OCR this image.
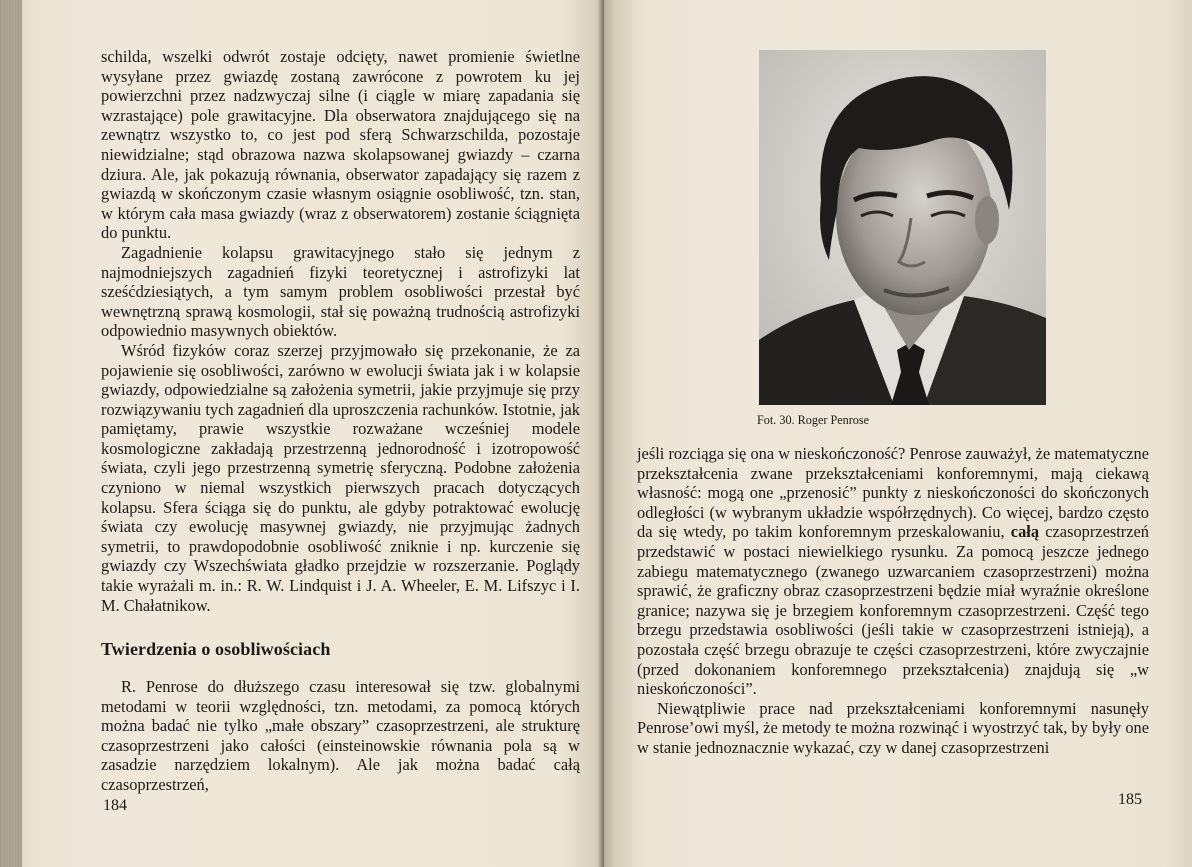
schilda, wszelki odwrót zostaje odcięty, nawet promienie świetlne wysyłane przez gwiazdę zostaną zawrócone z powrotem ku jej powierzchni przez nadzwyczaj silne (i ciągle w miarę zapadania się wzrastające) pole grawitacyjne. Dla obserwatora znajdującego się na zewnątrz wszystko to, co jest pod sferą Schwarzschilda, pozostaje niewidzialne; stąd obrazowa nazwa skolapsowanej gwiazdy – czarna dziura. Ale, jak pokazują równania, obserwator zapadający się razem z gwiazdą w skończonym czasie własnym osiągnie osobliwość, tzn. stan, w którym cała masa gwiazdy (wraz z obserwatorem) zostanie ściągnięta do punktu.

Zagadnienie kolapsu grawitacyjnego stało się jednym z najmodniejszych zagadnień fizyki teoretycznej i astrofizyki lat sześćdziesiątych, a tym samym problem osobliwości przestał być wewnętrzną sprawą kosmologii, stał się poważną trudnością astrofizyki odpowiednio masywnych obiektów.

Wśród fizyków coraz szerzej przyjmowało się przekonanie, że za pojawienie się osobliwości, zarówno w ewolucji świata jak i w kolapsie gwiazdy, odpowiedzialne są założenia symetrii, jakie przyjmuje się przy rozwiązywaniu tych zagadnień dla uproszczenia rachunków. Istotnie, jak pamiętamy, prawie wszystkie rozważane wcześniej modele kosmologiczne zakładają przestrzenną jednorodność i izotropowość świata, czyli jego przestrzenną symetrię sferyczną. Podobne założenia czyniono w niemal wszystkich pierwszych pracach dotyczących kolapsu. Sfera ściąga się do punktu, ale gdyby potraktować ewolucję świata czy ewolucję masywnej gwiazdy, nie przyjmując żadnych symetrii, to prawdopodobnie osobliwość zniknie i np. kurczenie się gwiazdy czy Wszechświata gładko przejdzie w rozszerzanie. Poglądy takie wyrażali m. in.: R. W. Lindquist i J. A. Wheeler, E. M. Lifszyc i I. M. Chałatnikow.

Twierdzenia o osobliwościach

R. Penrose do dłuższego czasu interesował się tzw. globalnymi metodami w teorii względności, tzn. metodami, za pomocą których można badać nie tylko „małe obszary” czasoprzestrzeni, ale strukturę czasoprzestrzeni jako całości (einsteinowskie równania pola są w zasadzie narzędziem lokalnym). Ale jak można badać całą czasoprzestrzeń,

184
Fot. 30. Roger Penrose

jeśli rozciąga się ona w nieskończoność? Penrose zauważył, że matematyczne przekształcenia zwane przekształceniami konforemnymi, mają ciekawą własność: mogą one „przenosić” punkty z nieskończoności do skończonych odległości (w wybranym układzie współrzędnych). Co więcej, bardzo często da się wtedy, po takim konforemnym przeskalowaniu, całą czasoprzestrzeń przedstawić w postaci niewielkiego rysunku. Za pomocą jeszcze jednego zabiegu matematycznego (zwanego uzwarcaniem czasoprzestrzeni) można sprawić, że graficzny obraz czasoprzestrzeni będzie miał wyraźnie określone granice; nazywa się je brzegiem konforemnym czasoprzestrzeni. Część tego brzegu przedstawia osobliwości (jeśli takie w czasoprzestrzeni istnieją), a pozostała część brzegu obrazuje te części czasoprzestrzeni, które zwyczajnie (przed dokonaniem konforemnego przekształcenia) znajdują się „w nieskończoności”.

Niewątpliwie prace nad przekształceniami konforemnymi nasunęły Penrose’owi myśl, że metody te można rozwinąć i wyostrzyć tak, by były one w stanie jednoznacznie wykazać, czy w danej czasoprzestrzeni

185
